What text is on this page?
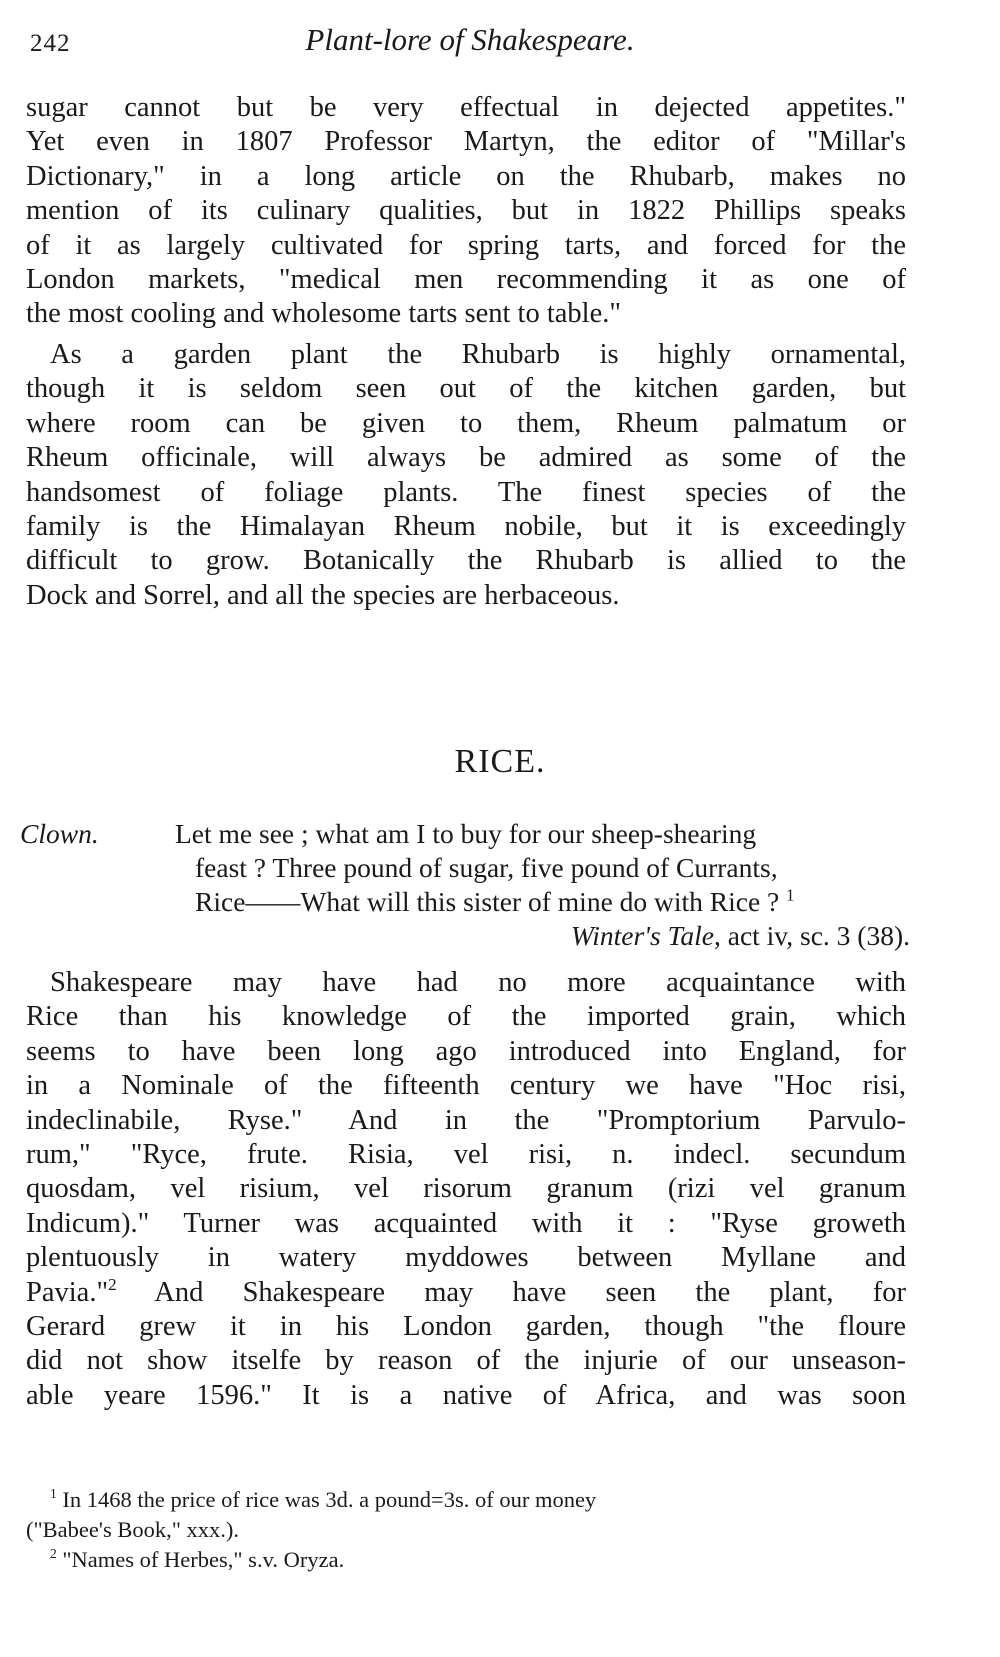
242	Plant-lore of Shakespeare.
sugar cannot but be very effectual in dejected appetites."
Yet even in 1807 Professor Martyn, the editor of "Millar's
Dictionary," in a long article on the Rhubarb, makes no
mention of its culinary qualities, but in 1822 Phillips speaks
of it as largely cultivated for spring tarts, and forced for the
London markets, "medical men recommending it as one of
the most cooling and wholesome tarts sent to table."
As a garden plant the Rhubarb is highly ornamental,
though it is seldom seen out of the kitchen garden, but
where room can be given to them, Rheum palmatum or
Rheum officinale, will always be admired as some of the
handsomest of foliage plants. The finest species of the
family is the Himalayan Rheum nobile, but it is exceedingly
difficult to grow. Botanically the Rhubarb is allied to the
Dock and Sorrel, and all the species are herbaceous.
RICE.
Clown.	Let me see ; what am I to buy for our sheep-shearing
feast ? Three pound of sugar, five pound of Currants,
Rice——What will this sister of mine do with Rice ? $^1$
Winter's Tale, act iv, sc. 3 (38).
Shakespeare may have had no more acquaintance with
Rice than his knowledge of the imported grain, which
seems to have been long ago introduced into England, for
in a Nominale of the fifteenth century we have "Hoc risi,
indeclinabile, Ryse." And in the "Promptorium Parvulo-
rum," "Ryce, frute. Risia, vel risi, n. indecl. secundum
quosdam, vel risium, vel risorum granum (rizi vel granum
Indicum)." Turner was acquainted with it : "Ryse groweth
plentuously in watery myddowes between Myllane and
Pavia."$^2$ And Shakespeare may have seen the plant, for
Gerard grew it in his London garden, though "the floure
did not show itselfe by reason of the injurie of our unseason-
able yeare 1596." It is a native of Africa, and was soon
$^1$ In 1468 the price of rice was 3d. a pound=3s. of our money
("Babee's Book," xxx.).
$^2$ "Names of Herbes," s.v. Oryza.
